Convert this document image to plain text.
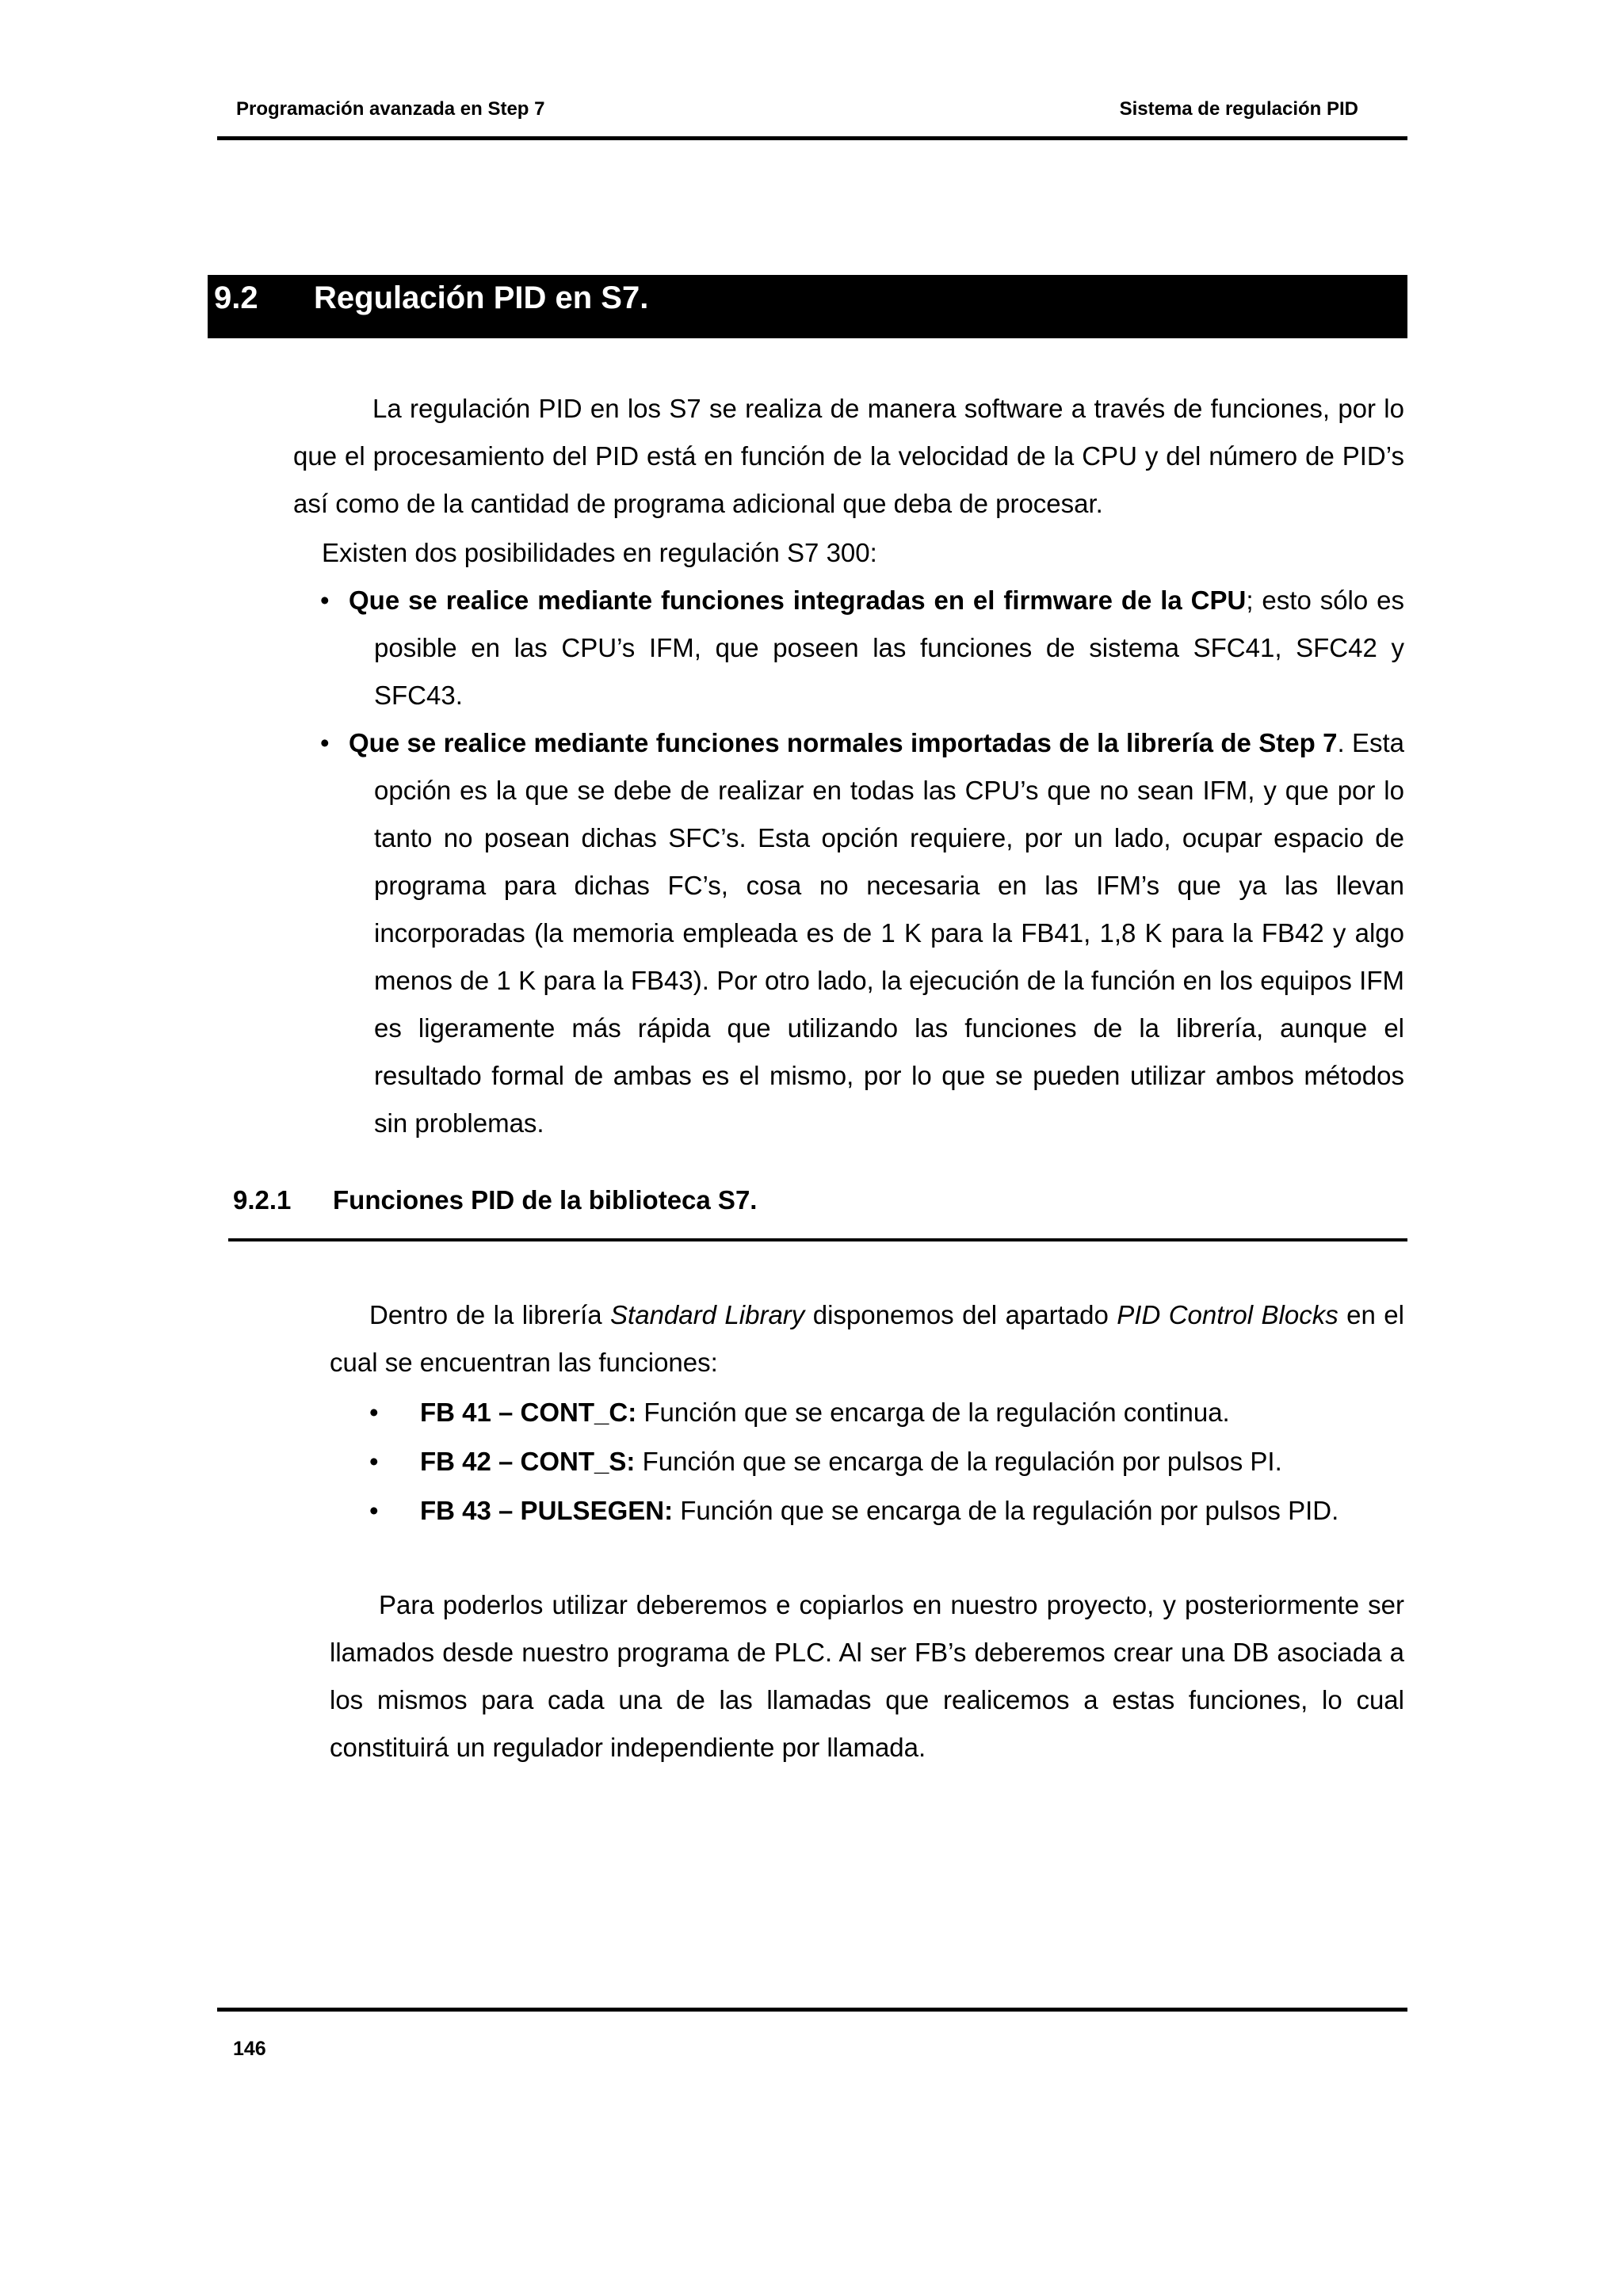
Programación avanzada en Step 7	Sistema de regulación PID
9.2 Regulación PID en S7.
La regulación PID en los S7 se realiza de manera software a través de funciones, por lo que el procesamiento del PID está en función de la velocidad de la CPU y del número de PID’s así como de la cantidad de programa adicional que deba de procesar.
Existen dos posibilidades en regulación S7 300:
• Que se realice mediante funciones integradas en el firmware de la CPU; esto sólo es posible en las CPU’s IFM, que poseen las funciones de sistema SFC41, SFC42 y SFC43.
• Que se realice mediante funciones normales importadas de la librería de Step 7. Esta opción es la que se debe de realizar en todas las CPU’s que no sean IFM, y que por lo tanto no posean dichas SFC’s. Esta opción requiere, por un lado, ocupar espacio de programa para dichas FC’s, cosa no necesaria en las IFM’s que ya las llevan incorporadas (la memoria empleada es de 1 K para la FB41, 1,8 K para la FB42 y algo menos de 1 K para la FB43). Por otro lado, la ejecución de la función en los equipos IFM es ligeramente más rápida que utilizando las funciones de la librería, aunque el resultado formal de ambas es el mismo, por lo que se pueden utilizar ambos métodos sin problemas.
9.2.1 Funciones PID de la biblioteca S7.
Dentro de la librería Standard Library disponemos del apartado PID Control Blocks en el cual se encuentran las funciones:
• FB 41 – CONT_C: Función que se encarga de la regulación continua.
• FB 42 – CONT_S: Función que se encarga de la regulación por pulsos PI.
• FB 43 – PULSEGEN: Función que se encarga de la regulación por pulsos PID.
Para poderlos utilizar deberemos e copiarlos en nuestro proyecto, y posteriormente ser llamados desde nuestro programa de PLC. Al ser FB’s deberemos crear una DB asociada a los mismos para cada una de las llamadas que realicemos a estas funciones, lo cual constituirá un regulador independiente por llamada.
146
